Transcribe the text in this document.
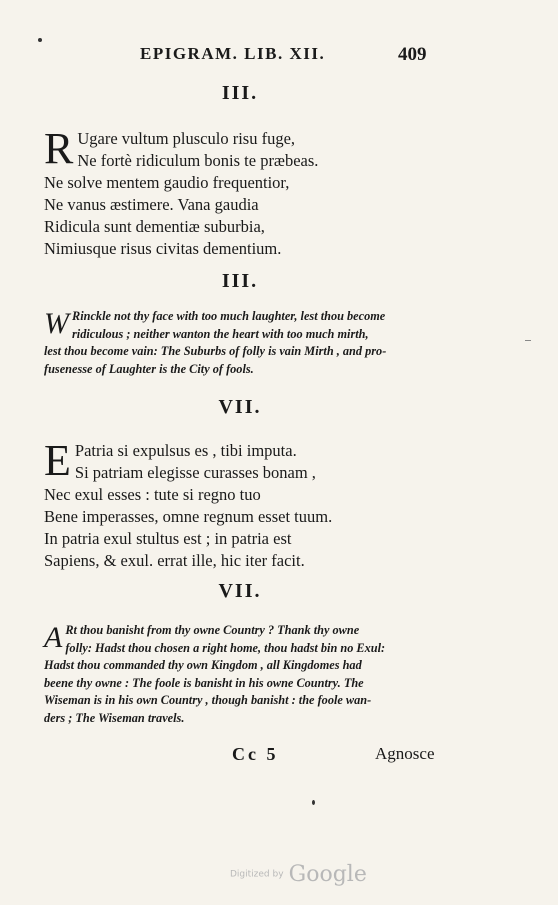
EPIGRAM. LIB. XII.	409
III.
R Ugare vultum plusculo risu fuge,
Ne fortè ridiculum bonis te præbeas.
Ne solve mentem gaudio frequentior,
Ne vanus æstimere. Vana gaudia
Ridicula sunt dementiæ suburbia,
Nimiusque risus civitas dementium.
III.
W Rinckle not thy face with too much laughter, lest thou become
ridiculous ; neither wanton the heart with too much mirth,
lest thou become vain: The Suburbs of folly is vain Mirth , and pro-
fusenesse of Laughter is the City of fools.
VII.
E Patria si expulsus es , tibi imputa.
Si patriam elegisse curasses bonam ,
Nec exul esses : tute si regno tuo
Bene imperasses, omne regnum esset tuum.
In patria exul stultus est ; in patria est
Sapiens, & exul. errat ille, hic iter facit.
VII.
A Rt thou banisht from thy owne Country ? Thank thy owne
folly: Hadst thou chosen a right home, thou hadst bin no Exul:
Hadst thou commanded thy own Kingdom , all Kingdomes had
beene thy owne : The foole is banisht in his owne Country. The
Wiseman is in his own Country , though banisht : the foole wan-
ders ; The Wiseman travels.
Cc 5	Agnosce
Digitized by Google
